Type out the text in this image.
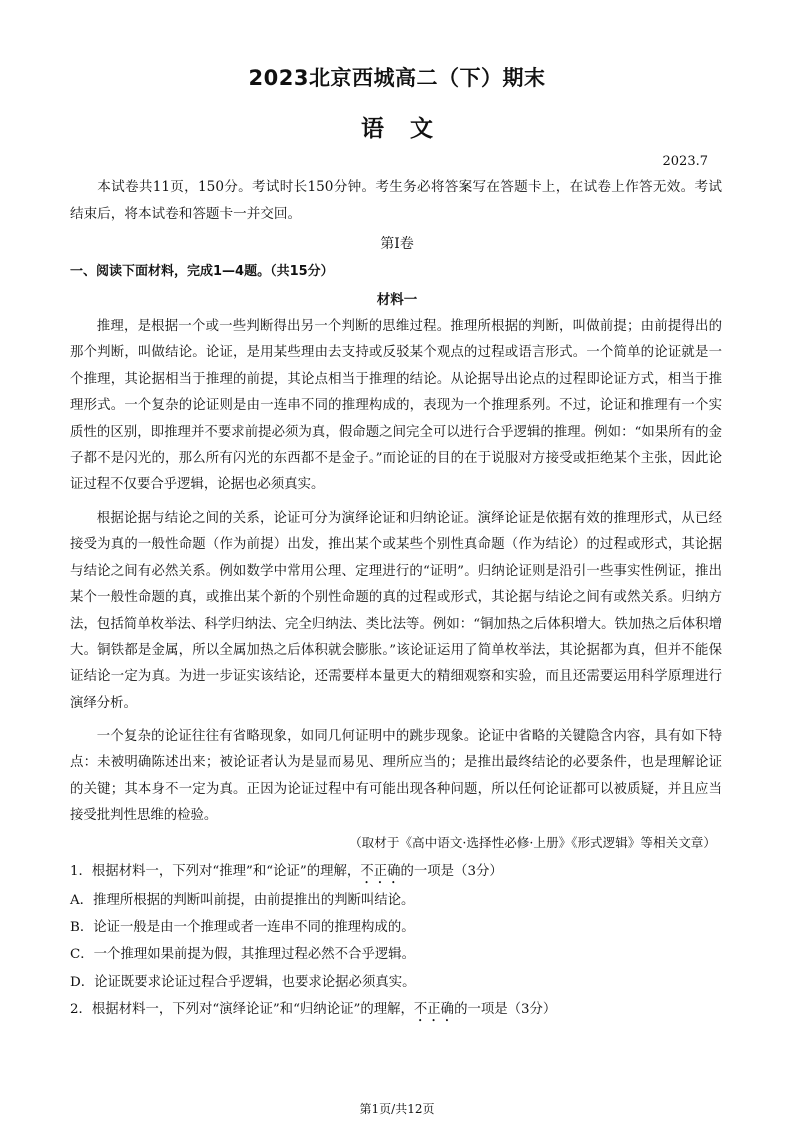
2023北京西城高二（下）期末
语文
2023.7
本试卷共11页，150分。考试时长150分钟。考生务必将答案写在答题卡上，在试卷上作答无效。考试结束后，将本试卷和答题卡一并交回。
第Ⅰ卷
一、阅读下面材料，完成1—4题。（共15分）
材料一
推理，是根据一个或一些判断得出另一个判断的思维过程。推理所根据的判断，叫做前提；由前提得出的那个判断，叫做结论。论证，是用某些理由去支持或反驳某个观点的过程或语言形式。一个简单的论证就是一个推理，其论据相当于推理的前提，其论点相当于推理的结论。从论据导出论点的过程即论证方式，相当于推理形式。一个复杂的论证则是由一连串不同的推理构成的，表现为一个推理系列。不过，论证和推理有一个实质性的区别，即推理并不要求前提必须为真，假命题之间完全可以进行合乎逻辑的推理。例如：“如果所有的金子都不是闪光的，那么所有闪光的东西都不是金子。”而论证的目的在于说服对方接受或拒绝某个主张，因此论证过程不仅要合乎逻辑，论据也必须真实。
根据论据与结论之间的关系，论证可分为演绎论证和归纳论证。演绎论证是依据有效的推理形式，从已经接受为真的一般性命题（作为前提）出发，推出某个或某些个别性真命题（作为结论）的过程或形式，其论据与结论之间有必然关系。例如数学中常用公理、定理进行的“证明”。归纳论证则是沿引一些事实性例证，推出某个一般性命题的真，或推出某个新的个别性命题的真的过程或形式，其论据与结论之间有或然关系。归纳方法，包括简单枚举法、科学归纳法、完全归纳法、类比法等。例如：“铜加热之后体积增大。铁加热之后体积增大。铜铁都是金属，所以全属加热之后体积就会膨胀。”该论证运用了简单枚举法，其论据都为真，但并不能保证结论一定为真。为进一步证实该结论，还需要样本量更大的精细观察和实验，而且还需要运用科学原理进行演绎分析。
一个复杂的论证往往有省略现象，如同几何证明中的跳步现象。论证中省略的关键隐含内容，具有如下特点：未被明确陈述出来；被论证者认为是显而易见、理所应当的；是推出最终结论的必要条件，也是理解论证的关键；其本身不一定为真。正因为论证过程中有可能出现各种问题，所以任何论证都可以被质疑，并且应当接受批判性思维的检验。
（取材于《高中语文·选择性必修·上册》《形式逻辑》等相关文章）
1．根据材料一，下列对“推理”和“论证”的理解，不正确的一项是（3分）
A．推理所根据的判断叫前提，由前提推出的判断叫结论。
B．论证一般是由一个推理或者一连串不同的推理构成的。
C．一个推理如果前提为假，其推理过程必然不合乎逻辑。
D．论证既要求论证过程合乎逻辑，也要求论据必须真实。
2．根据材料一，下列对“演绎论证”和“归纳论证”的理解，不正确的一项是（3分）
第1页/共12页
